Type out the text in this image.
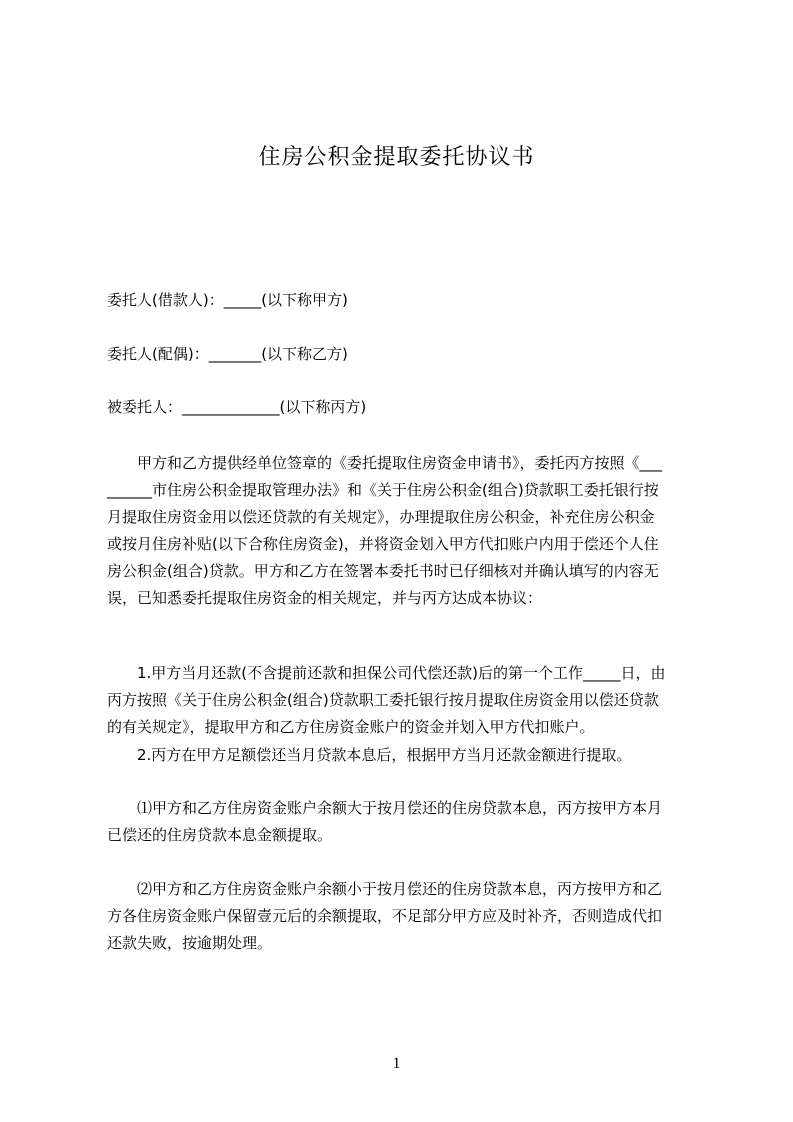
住房公积金提取委托协议书
委托人(借款人)：_____(以下称甲方)
委托人(配偶)：_______(以下称乙方)
被委托人：_____________(以下称丙方)

　　甲方和乙方提供经单位签章的《委托提取住房资金申请书》，委托丙方按照《___

______市住房公积金提取管理办法》和《关于住房公积金(组合)贷款职工委托银行按

月提取住房资金用以偿还贷款的有关规定》，办理提取住房公积金，补充住房公积金

或按月住房补贴(以下合称住房资金)，并将资金划入甲方代扣账户内用于偿还个人住

房公积金(组合)贷款。甲方和乙方在签署本委托书时已仔细核对并确认填写的内容无

误，已知悉委托提取住房资金的相关规定，并与丙方达成本协议：

　　1.甲方当月还款(不含提前还款和担保公司代偿还款)后的第一个工作_____日，由

丙方按照《关于住房公积金(组合)贷款职工委托银行按月提取住房资金用以偿还贷款

的有关规定》，提取甲方和乙方住房资金账户的资金并划入甲方代扣账户。

　　2.丙方在甲方足额偿还当月贷款本息后，根据甲方当月还款金额进行提取。

　　⑴甲方和乙方住房资金账户余额大于按月偿还的住房贷款本息，丙方按甲方本月

已偿还的住房贷款本息金额提取。

　　⑵甲方和乙方住房资金账户余额小于按月偿还的住房贷款本息，丙方按甲方和乙

方各住房资金账户保留壹元后的余额提取，不足部分甲方应及时补齐，否则造成代扣

还款失败，按逾期处理。

1
